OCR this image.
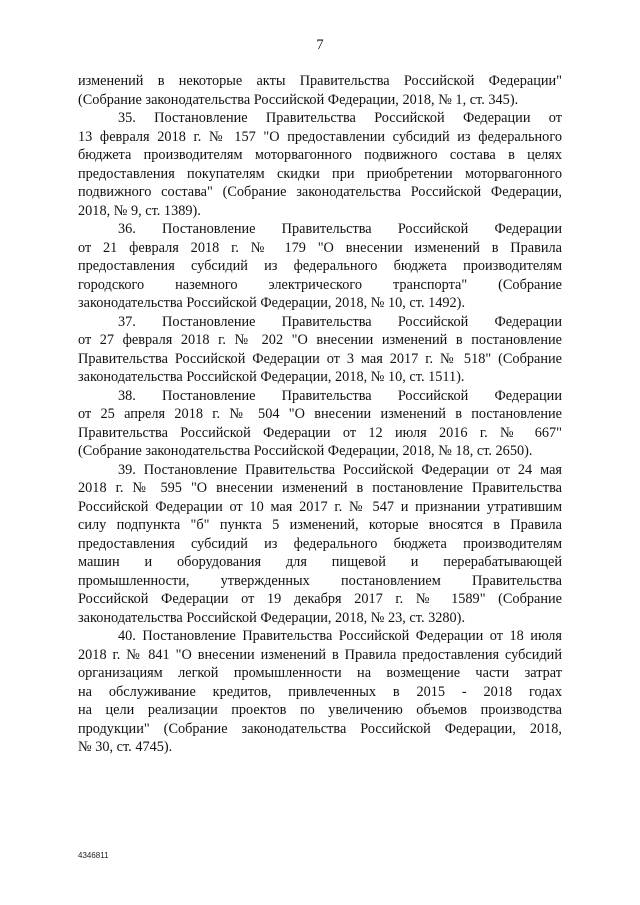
7
изменений в некоторые акты Правительства Российской Федерации"
(Собрание законодательства Российской Федерации, 2018, № 1, ст. 345).
35. Постановление Правительства Российской Федерации от
13 февраля 2018 г. № 157 "О предоставлении субсидий из федерального
бюджета производителям моторвагонного подвижного состава в целях
предоставления покупателям скидки при приобретении моторвагонного
подвижного состава" (Собрание законодательства Российской Федерации,
2018, № 9, ст. 1389).
36. Постановление Правительства Российской Федерации
от 21 февраля 2018 г. № 179 "О внесении изменений в Правила
предоставления субсидий из федерального бюджета производителям
городского наземного электрического транспорта" (Собрание
законодательства Российской Федерации, 2018, № 10, ст. 1492).
37. Постановление Правительства Российской Федерации
от 27 февраля 2018 г. № 202 "О внесении изменений в постановление
Правительства Российской Федерации от 3 мая 2017 г. № 518" (Собрание
законодательства Российской Федерации, 2018, № 10, ст. 1511).
38. Постановление Правительства Российской Федерации
от 25 апреля 2018 г. № 504 "О внесении изменений в постановление
Правительства Российской Федерации от 12 июля 2016 г. № 667"
(Собрание законодательства Российской Федерации, 2018, № 18, ст. 2650).
39. Постановление Правительства Российской Федерации от 24 мая
2018 г. № 595 "О внесении изменений в постановление Правительства
Российской Федерации от 10 мая 2017 г. № 547 и признании утратившим
силу подпункта "б" пункта 5 изменений, которые вносятся в Правила
предоставления субсидий из федерального бюджета производителям
машин и оборудования для пищевой и перерабатывающей
промышленности, утвержденных постановлением Правительства
Российской Федерации от 19 декабря 2017 г. № 1589" (Собрание
законодательства Российской Федерации, 2018, № 23, ст. 3280).
40. Постановление Правительства Российской Федерации от 18 июля
2018 г. № 841 "О внесении изменений в Правила предоставления субсидий
организациям легкой промышленности на возмещение части затрат
на обслуживание кредитов, привлеченных в 2015 - 2018 годах
на цели реализации проектов по увеличению объемов производства
продукции" (Собрание законодательства Российской Федерации, 2018,
№ 30, ст. 4745).
4346811
